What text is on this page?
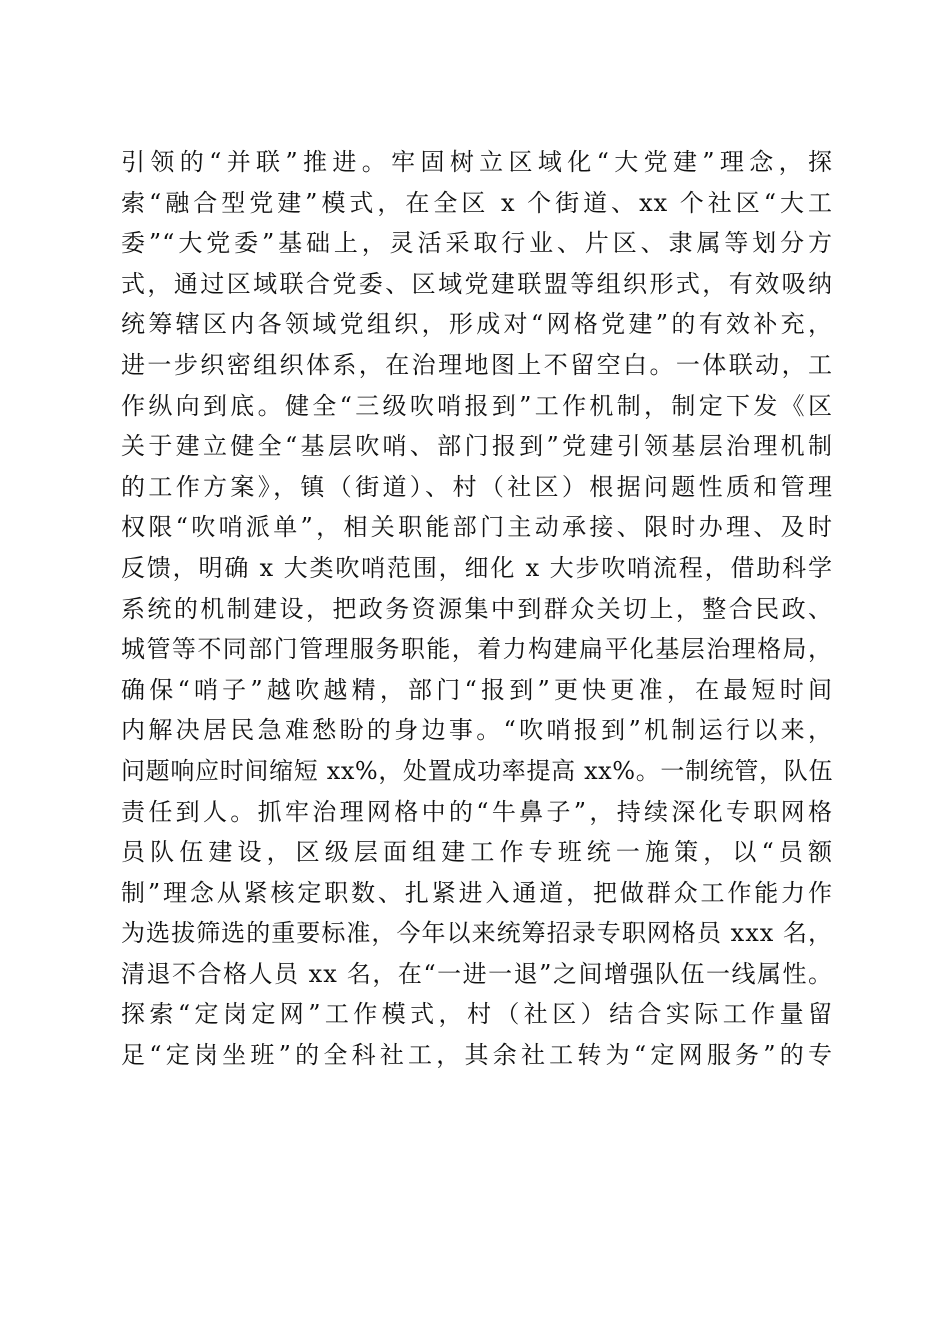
引领的“并联”推进。牢固树立区域化“大党建”理念，探
索“融合型党建”模式，在全区 x 个街道、xx 个社区“大工
委”“大党委”基础上，灵活采取行业、片区、隶属等划分方
式，通过区域联合党委、区域党建联盟等组织形式，有效吸纳
统筹辖区内各领域党组织，形成对“网格党建”的有效补充，
进一步织密组织体系，在治理地图上不留空白。一体联动，工
作纵向到底。健全“三级吹哨报到”工作机制，制定下发《区
关于建立健全“基层吹哨、部门报到”党建引领基层治理机制
的工作方案》，镇（街道）、村（社区）根据问题性质和管理
权限“吹哨派单”，相关职能部门主动承接、限时办理、及时
反馈，明确 x 大类吹哨范围，细化 x 大步吹哨流程，借助科学
系统的机制建设，把政务资源集中到群众关切上，整合民政、
城管等不同部门管理服务职能，着力构建扁平化基层治理格局，
确保“哨子”越吹越精，部门“报到”更快更准，在最短时间
内解决居民急难愁盼的身边事。“吹哨报到”机制运行以来，
问题响应时间缩短 xx%，处置成功率提高 xx%。一制统管，队伍
责任到人。抓牢治理网格中的“牛鼻子”，持续深化专职网格
员队伍建设，区级层面组建工作专班统一施策，以“员额
制”理念从紧核定职数、扎紧进入通道，把做群众工作能力作
为选拔筛选的重要标准，今年以来统筹招录专职网格员 xxx 名，
清退不合格人员 xx 名，在“一进一退”之间增强队伍一线属性。
探索“定岗定网”工作模式，村（社区）结合实际工作量留
足“定岗坐班”的全科社工，其余社工转为“定网服务”的专
